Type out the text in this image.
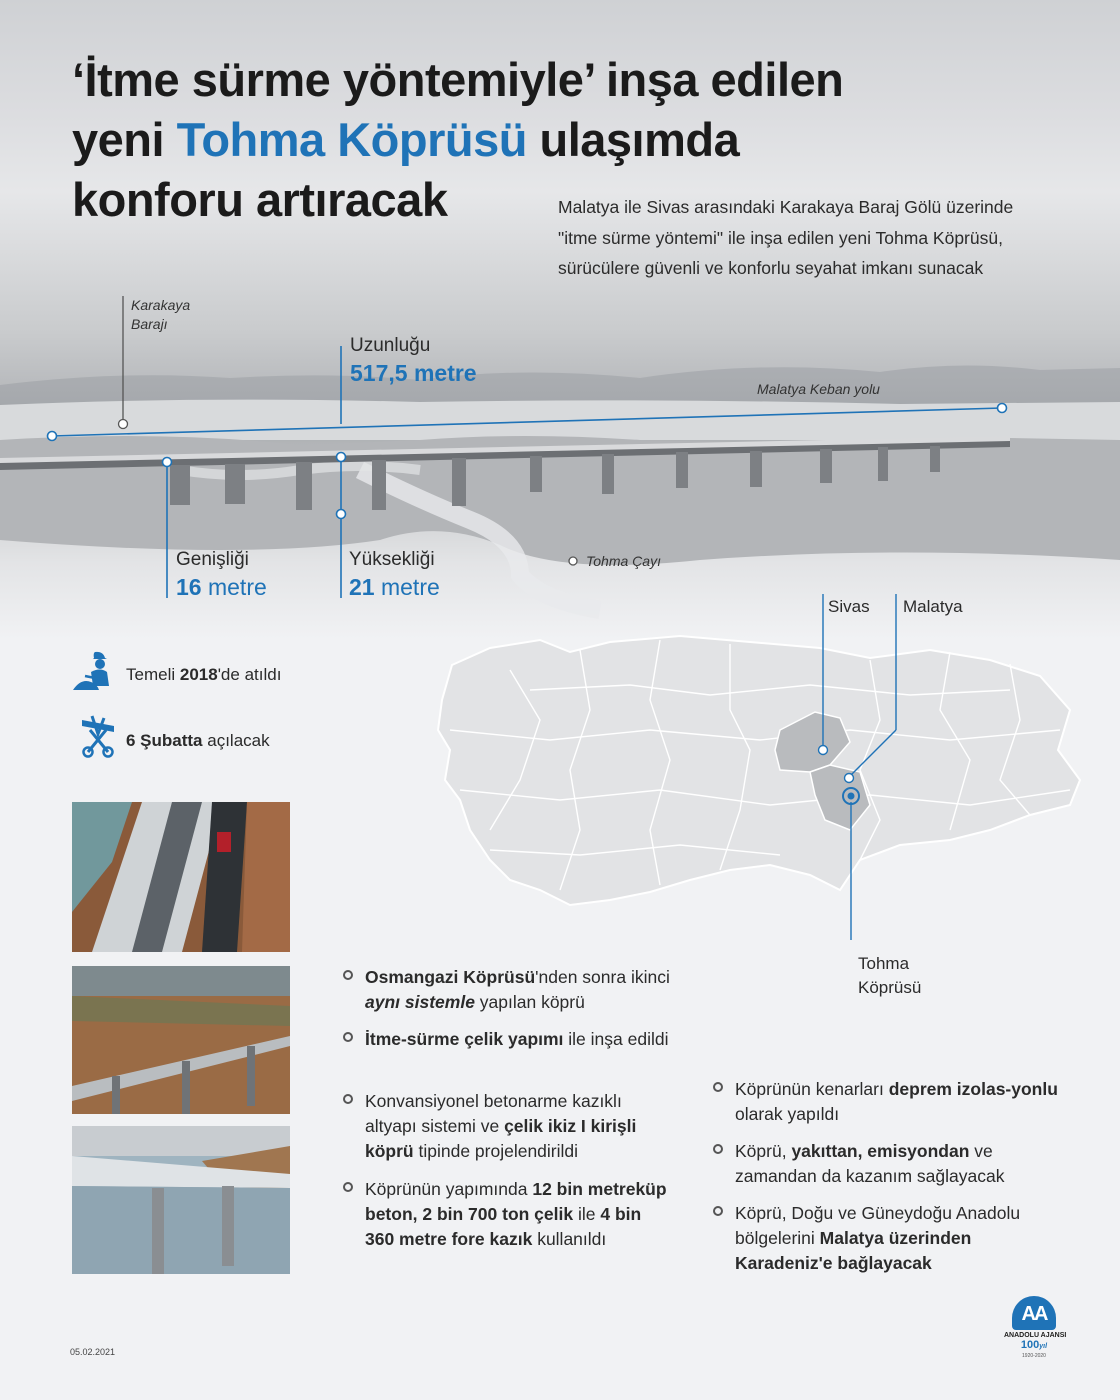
‘İtme sürme yöntemiyle’ inşa edilen
yeni Tohma Köprüsü ulaşımda
konforu artıracak	Malatya ile Sivas arasındaki Karakaya Baraj Gölü üzerinde "itme sürme yöntemi" ile inşa edilen yeni Tohma Köprüsü, sürücülere güvenli ve konforlu seyahat imkanı sunacak
Karakaya
Barajı
Malatya Keban yolu
Tohma Çayı
Uzunluğu
517,5 metre
Genişliği
16 metre
Yüksekliği
21 metre
Temeli 2018'de atıldı
6 Şubatta açılacak
Sivas Malatya
Tohma
Köprüsü
Osmangazi Köprüsü'nden sonra ikinci aynı sistemle yapılan köprü
İtme-sürme çelik yapımı ile inşa edildi
Konvansiyonel betonarme kazıklı altyapı sistemi ve çelik ikiz I kirişli köprü tipinde projelendirildi
Köprünün yapımında 12 bin metreküp beton, 2 bin 700 ton çelik ile 4 bin 360 metre fore kazık kullanıldı
Köprünün kenarları deprem izolas-yonlu olarak yapıldı
Köprü, yakıttan, emisyondan ve zamandan da kazanım sağlayacak
Köprü, Doğu ve Güneydoğu Anadolu bölgelerini Malatya üzerinden Karadeniz'e bağlayacak
05.02.2021
AA
ANADOLU AJANSI
100yıl
1920-2020
